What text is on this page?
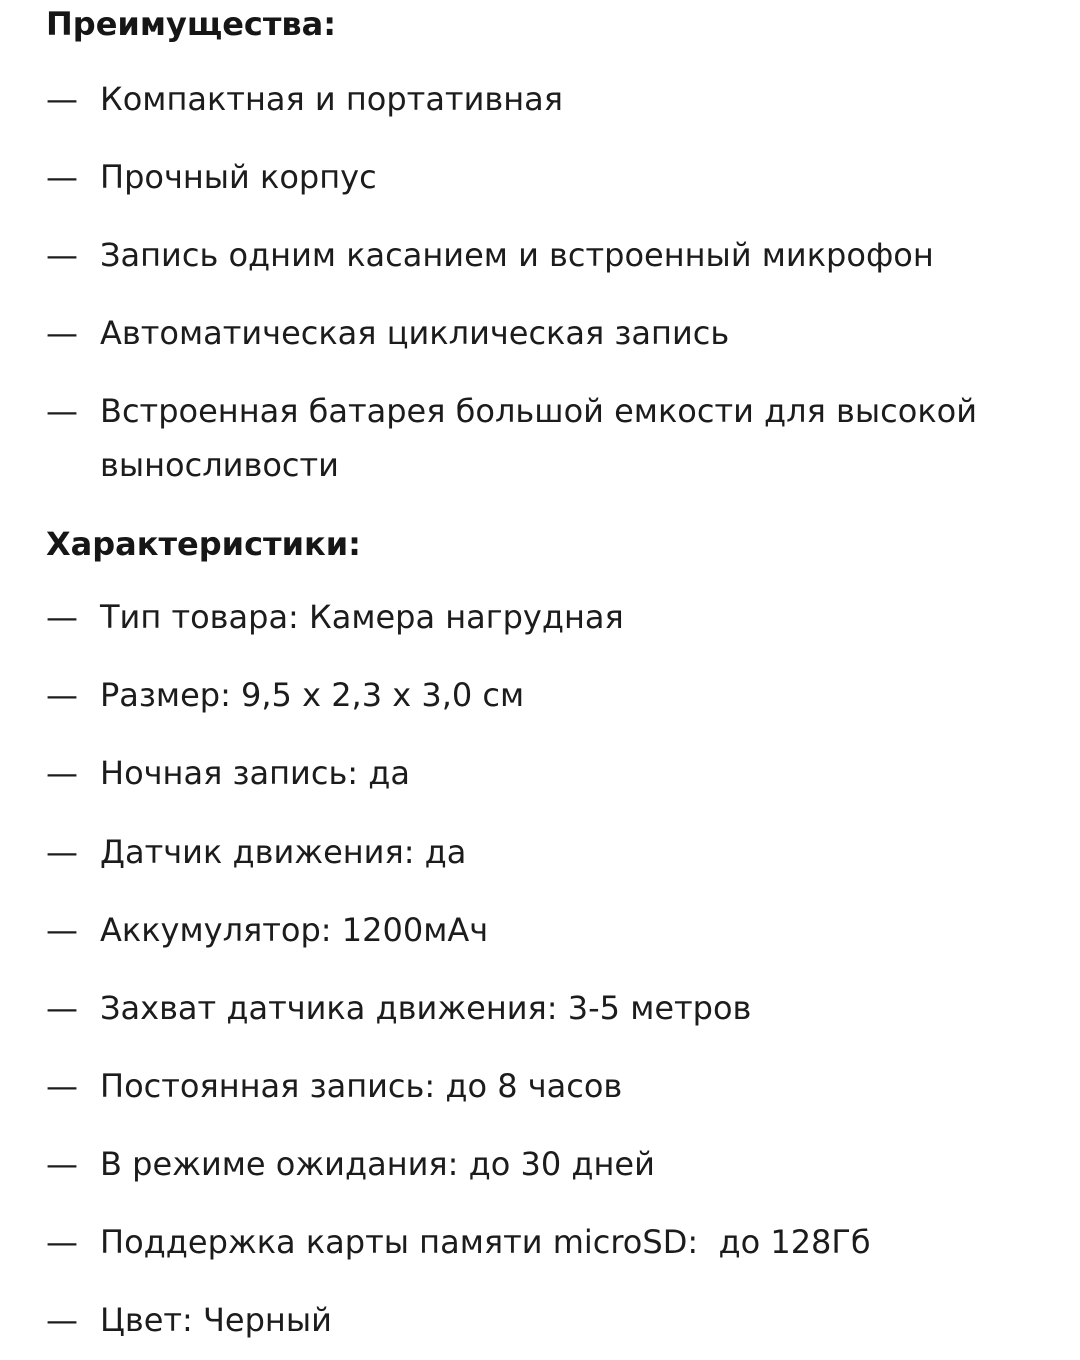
Преимущества:
— Компактная и портативная
— Прочный корпус
— Запись одним касанием и встроенный микрофон
— Автоматическая циклическая запись
— Встроенная батарея большой емкости для высокой выносливости
Характеристики:
— Тип товара: Камера нагрудная
— Размер: 9,5 х 2,3 х 3,0 см
— Ночная запись: да
— Датчик движения: да
— Аккумулятор: 1200мАч
— Захват датчика движения: 3-5 метров
— Постоянная запись: до 8 часов
— В режиме ожидания: до 30 дней
— Поддержка карты памяти microSD:  до 128Гб
— Цвет: Черный
